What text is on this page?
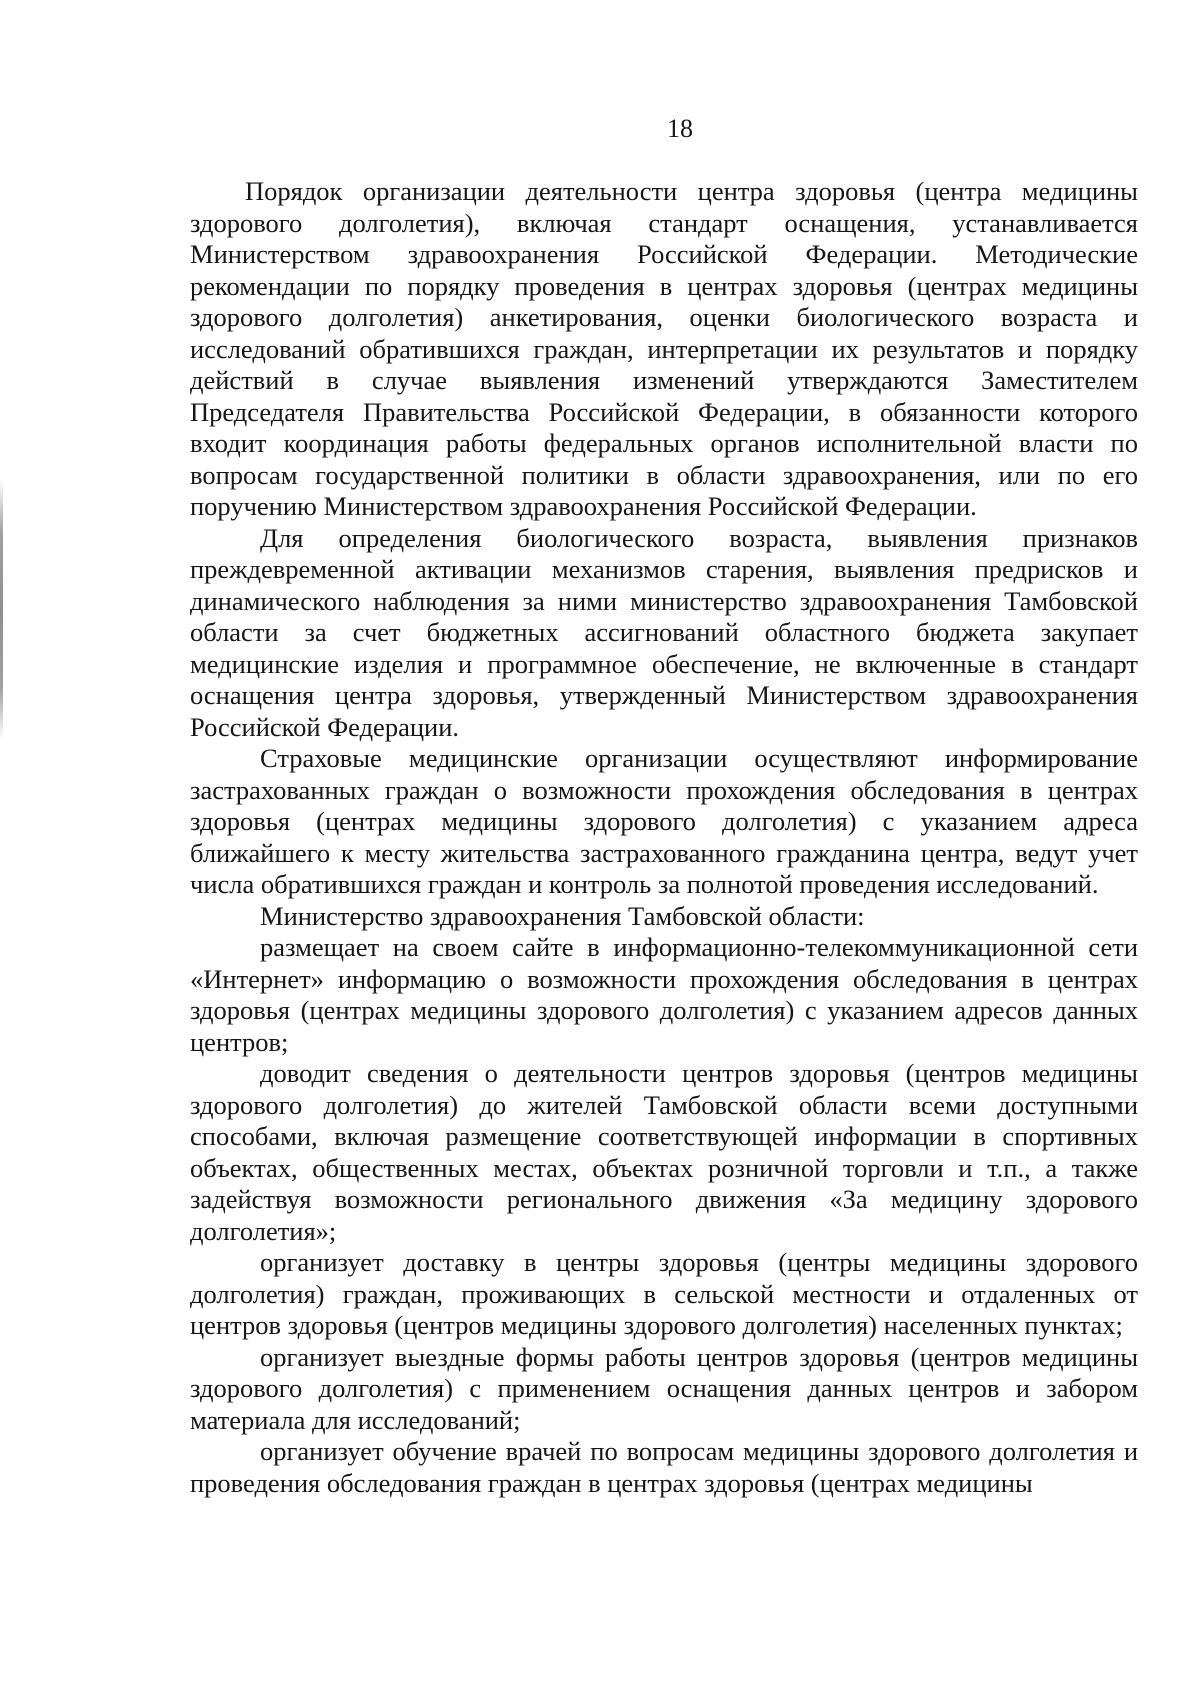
18

Порядок организации деятельности центра здоровья (центра медицины здорового долголетия), включая стандарт оснащения, устанавливается Министерством здравоохранения Российской Федерации. Методические рекомендации по порядку проведения в центрах здоровья (центрах медицины здорового долголетия) анкетирования, оценки биологического возраста и исследований обратившихся граждан, интерпретации их результатов и порядку действий в случае выявления изменений утверждаются Заместителем Председателя Правительства Российской Федерации, в обязанности которого входит координация работы федеральных органов исполнительной власти по вопросам государственной политики в области здравоохранения, или по его поручению Министерством здравоохранения Российской Федерации.

Для определения биологического возраста, выявления признаков преждевременной активации механизмов старения, выявления предрисков и динамического наблюдения за ними министерство здравоохранения Тамбовской области за счет бюджетных ассигнований областного бюджета закупает медицинские изделия и программное обеспечение, не включенные в стандарт оснащения центра здоровья, утвержденный Министерством здравоохранения Российской Федерации.

Страховые медицинские организации осуществляют информирование застрахованных граждан о возможности прохождения обследования в центрах здоровья (центрах медицины здорового долголетия) с указанием адреса ближайшего к месту жительства застрахованного гражданина центра, ведут учет числа обратившихся граждан и контроль за полнотой проведения исследований.

Министерство здравоохранения Тамбовской области:

размещает на своем сайте в информационно-телекоммуникационной сети «Интернет» информацию о возможности прохождения обследования в центрах здоровья (центрах медицины здорового долголетия) с указанием адресов данных центров;

доводит сведения о деятельности центров здоровья (центров медицины здорового долголетия) до жителей Тамбовской области всеми доступными способами, включая размещение соответствующей информации в спортивных объектах, общественных местах, объектах розничной торговли и т.п., а также задействуя возможности регионального движения «За медицину здорового долголетия»;

организует доставку в центры здоровья (центры медицины здорового долголетия) граждан, проживающих в сельской местности и отдаленных от центров здоровья (центров медицины здорового долголетия) населенных пунктах;

организует выездные формы работы центров здоровья (центров медицины здорового долголетия) с применением оснащения данных центров и забором материала для исследований;

организует обучение врачей по вопросам медицины здорового долголетия и проведения обследования граждан в центрах здоровья (центрах медицины
